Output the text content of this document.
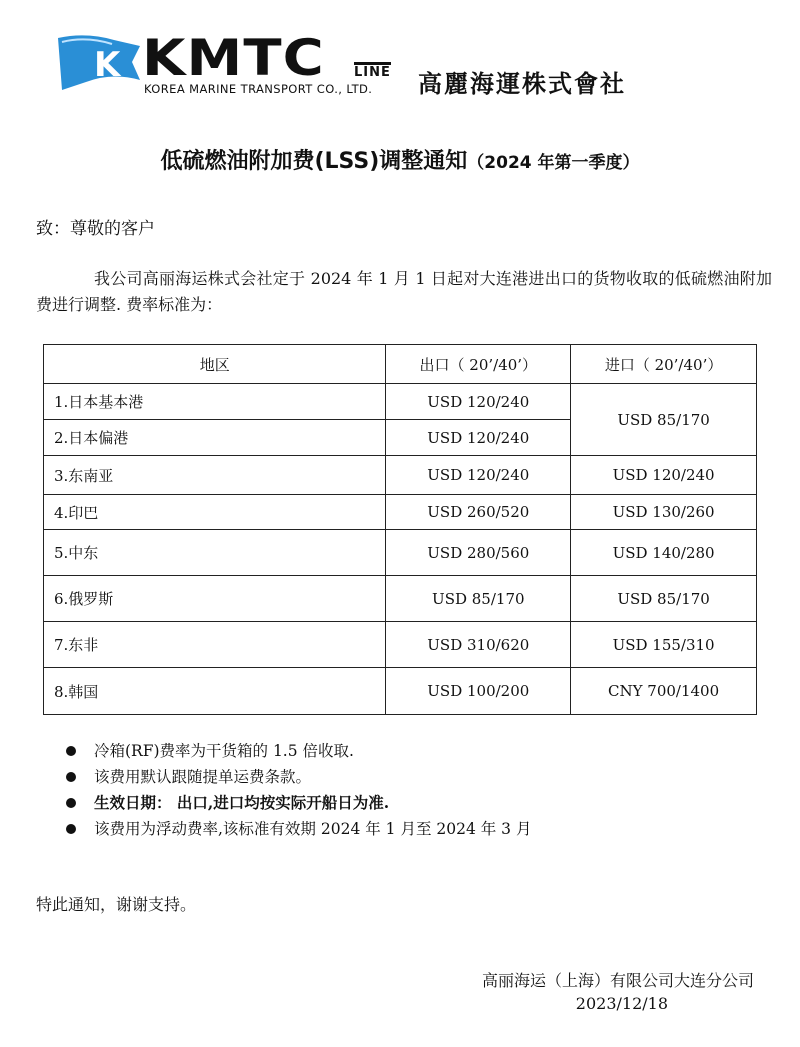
K KMTC LINE
KOREA MARINE TRANSPORT CO., LTD. 高麗海運株式會社
低硫燃油附加费(LSS)调整通知（2024 年第一季度）
致：尊敬的客户
我公司高丽海运株式会社定于 2024 年 1 月 1 日起对大连港进出口的货物收取的低硫燃油附加费进行调整. 费率标准为：
地区	出口（ 20’/40’）	进口（ 20’/40’）
1.日本基本港	USD 120/240	USD 85/170
2.日本偏港	USD 120/240	
3.东南亚	USD 120/240	USD 120/240
4.印巴	USD 260/520	USD 130/260
5.中东	USD 280/560	USD 140/280
6.俄罗斯	USD 85/170	USD 85/170
7.东非	USD 310/620	USD 155/310
8.韩国	USD 100/200	CNY 700/1400
冷箱(RF)费率为干货箱的 1.5 倍收取.
该费用默认跟随提单运费条款。
生效日期： 出口,进口均按实际开船日为准.
该费用为浮动费率,该标准有效期 2024 年 1 月至 2024 年 3 月
特此通知，谢谢支持。
高丽海运（上海）有限公司大连分公司
2023/12/18
